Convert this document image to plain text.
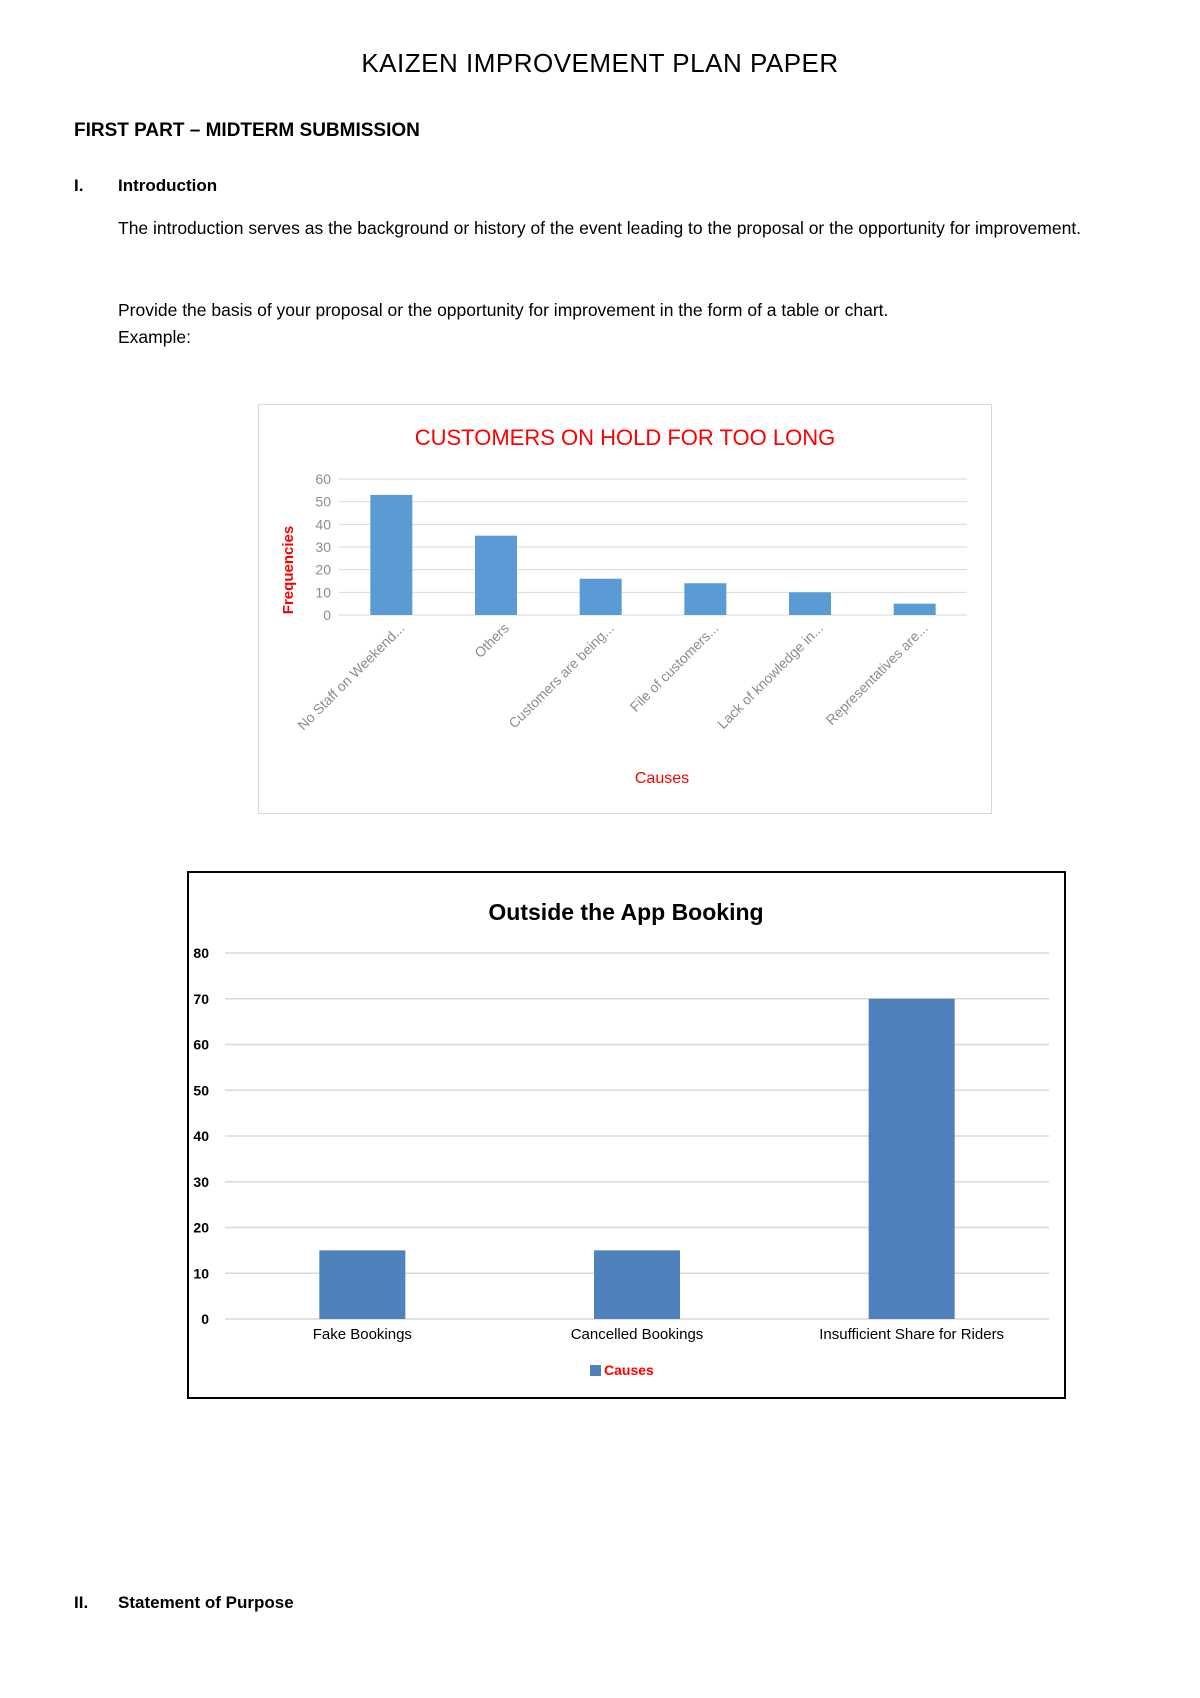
KAIZEN IMPROVEMENT PLAN PAPER
FIRST PART – MIDTERM SUBMISSION
I. Introduction
The introduction serves as the background or history of the event leading to the proposal or the opportunity for improvement.
Provide the basis of your proposal or the opportunity for improvement in the form of a table or chart.
Example:
CUSTOMERS ON HOLD FOR TOO LONG
Frequencies
Causes
0
10
20
30
40
50
60
No Staff on Weekend...	Others
Customers are being... File of customers...
Lack of knowledge in...
Representatives are...
Outside the App Booking
0
10
20
30
40
50
60
70
80
Fake Bookings	Cancelled Bookings	Insufficient Share for Riders
Causes
II. Statement of Purpose
